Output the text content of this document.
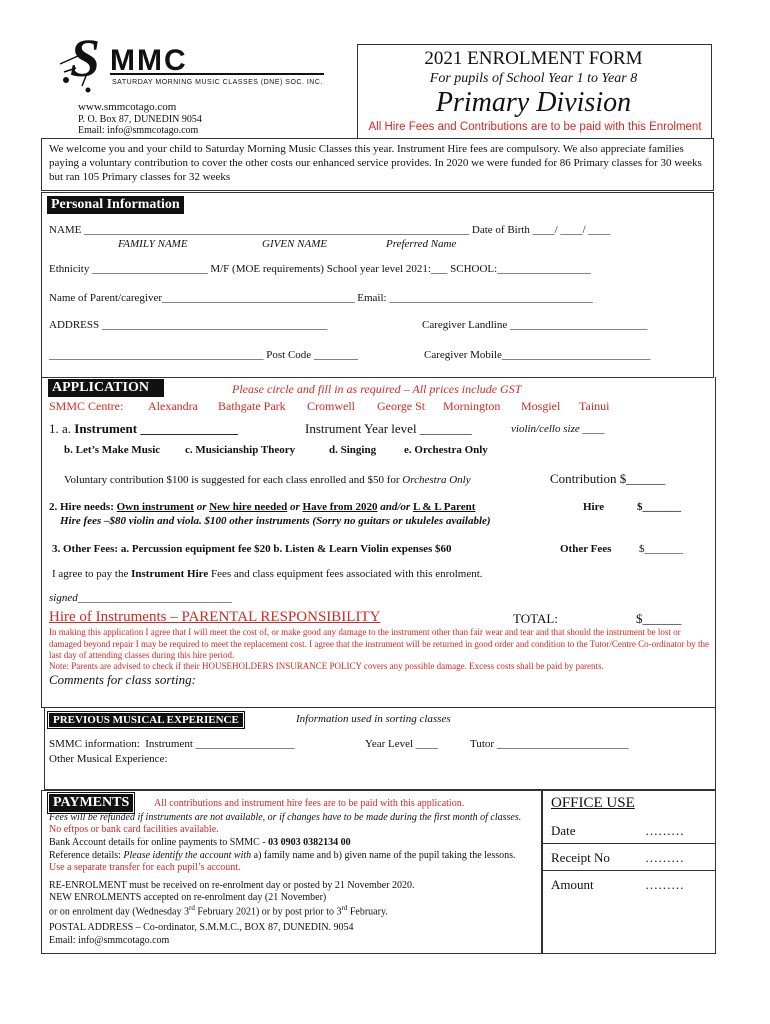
S MMC
SATURDAY MORNING MUSIC CLASSES (DNE) SOC. INC.
www.smmcotago.com
P. O. Box 87, DUNEDIN 9054
Email: info@smmcotago.com
2021 ENROLMENT FORM
For pupils of School Year 1 to Year 8
Primary Division
All Hire Fees and Contributions are to be paid with this Enrolment
We welcome you and your child to Saturday Morning Music Classes this year. Instrument Hire fees are compulsory. We also appreciate families paying a voluntary contribution to cover the other costs our enhanced service provides. In 2020 we were funded for 86 Primary classes for 30 weeks but ran 105 Primary classes for 32 weeks
Personal Information
NAME ______________________________________________________________________ Date of Birth ____/ ____/ ____
FAMILY NAME	GIVEN NAME	Preferred Name
Ethnicity _____________________ M/F (MOE requirements) School year level 2021:___ SCHOOL:_________________
Name of Parent/caregiver___________________________________ Email: _____________________________________
ADDRESS _________________________________________	Caregiver Landline _________________________
_______________________________________ Post Code ________	Caregiver Mobile___________________________
APPLICATION	Please circle and fill in as required – All prices include GST
SMMC Centre: Alexandra Bathgate Park Cromwell George St Mornington Mosgiel Tainui
1. a. Instrument _______________	Instrument Year level ________	violin/cello size ____
b. Let’s Make Music c. Musicianship Theory	d. Singing	e. Orchestra Only
Voluntary contribution $100 is suggested for each class enrolled and $50 for Orchestra Only	Contribution $______
2. Hire needs: Own instrument or New hire needed or Have from 2020 and/or L & L Parent
Hire fees –$80 violin and viola. $100 other instruments (Sorry no guitars or ukuleles available)
Hire	$_______
3. Other Fees: a. Percussion equipment fee $20 b. Listen & Learn Violin expenses $60	Other Fees	$_______
I agree to pay the Instrument Hire Fees and class equipment fees associated with this enrolment.
signed____________________________
Hire of Instruments – PARENTAL RESPONSIBILITY	TOTAL:	$______
In making this application I agree that I will meet the cost of, or make good any damage to the instrument other than fair wear and tear and that should the instrument be lost or damaged beyond repair I may be required to meet the replacement cost. I agree that the instrument will be returned in good order and condition to the Tutor/Centre Co-ordinator by the last day of attending classes during this hire period.
Note: Parents are advised to check if their HOUSEHOLDERS INSURANCE POLICY covers any possible damage. Excess costs shall be paid by parents.
Comments for class sorting:
PREVIOUS MUSICAL EXPERIENCE	Information used in sorting classes
SMMC information:  Instrument __________________	Year Level ____	Tutor ________________________
Other Musical Experience:
PAYMENTS	All contributions and instrument hire fees are to be paid with this application.
Fees will be refunded if instruments are not available, or if changes have to be made during the first month of classes. No eftpos or bank card facilities available.
Bank Account details for online payments to SMMC - 03 0903 0382134 00
Reference details: Please identify the account with a) family name and b) given name of the pupil taking the lessons. Use a separate transfer for each pupil’s account.
RE-ENROLMENT must be received on re-enrolment day or posted by 21 November 2020.
NEW ENROLMENTS accepted on re-enrolment day (21 November)
or on enrolment day (Wednesday 3rd February 2021) or by post prior to 3rd February.
POSTAL ADDRESS – Co-ordinator, S.M.M.C., BOX 87, DUNEDIN. 9054
Email: info@smmcotago.com
OFFICE USE
Date	………
Receipt No	………
Amount	………
